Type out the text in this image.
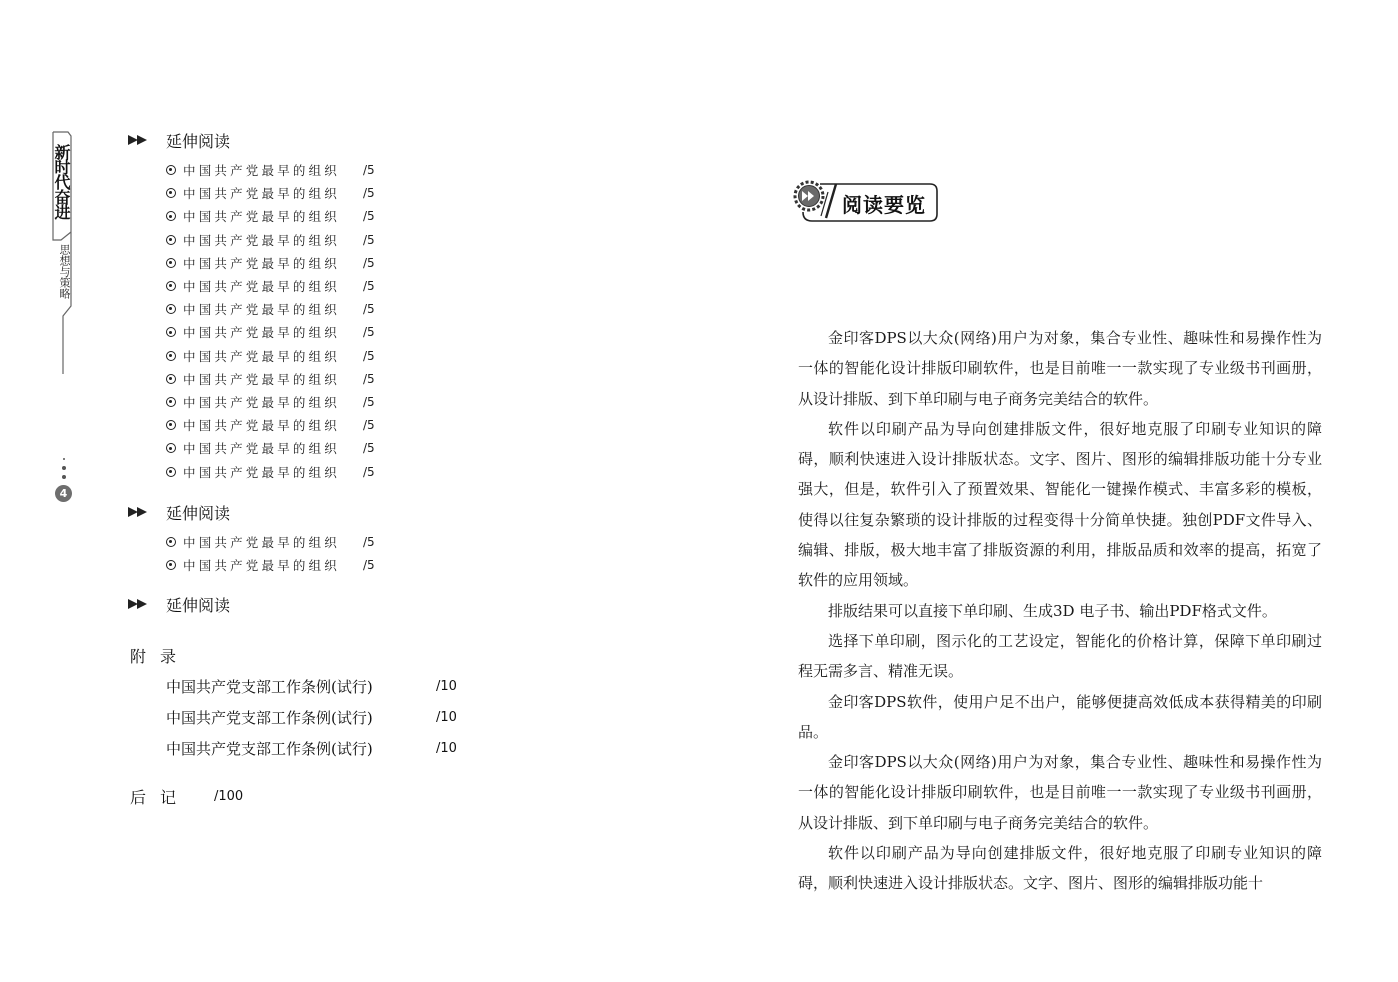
新时代奋进
思想与策略
4
延伸阅读
中国共产党最早的组织	/5
中国共产党最早的组织	/5
中国共产党最早的组织	/5
中国共产党最早的组织	/5
中国共产党最早的组织	/5
中国共产党最早的组织	/5
中国共产党最早的组织	/5
中国共产党最早的组织	/5
中国共产党最早的组织	/5
中国共产党最早的组织	/5
中国共产党最早的组织	/5
中国共产党最早的组织	/5
中国共产党最早的组织	/5
中国共产党最早的组织	/5
延伸阅读
中国共产党最早的组织	/5
中国共产党最早的组织	/5
延伸阅读
附录
中国共产党支部工作条例(试行)	/10
中国共产党支部工作条例(试行)	/10
中国共产党支部工作条例(试行)	/10
后记	/100
阅读要览

金印客DPS以大众(网络)用户为对象，集合专业性、趣味性和易操作性为一体的智能化设计排版印刷软件，也是目前唯一一款实现了专业级书刊画册，从设计排版、到下单印刷与电子商务完美结合的软件。

软件以印刷产品为导向创建排版文件，很好地克服了印刷专业知识的障碍，顺利快速进入设计排版状态。文字、图片、图形的编辑排版功能十分专业强大，但是，软件引入了预置效果、智能化一键操作模式、丰富多彩的模板，使得以往复杂繁琐的设计排版的过程变得十分简单快捷。独创PDF文件导入、编辑、排版，极大地丰富了排版资源的利用，排版品质和效率的提高，拓宽了软件的应用领域。

排版结果可以直接下单印刷、生成3D 电子书、输出PDF格式文件。

选择下单印刷，图示化的工艺设定，智能化的价格计算，保障下单印刷过程无需多言、精准无误。

金印客DPS软件，使用户足不出户，能够便捷高效低成本获得精美的印刷品。

金印客DPS以大众(网络)用户为对象，集合专业性、趣味性和易操作性为一体的智能化设计排版印刷软件，也是目前唯一一款实现了专业级书刊画册，从设计排版、到下单印刷与电子商务完美结合的软件。

软件以印刷产品为导向创建排版文件，很好地克服了印刷专业知识的障碍，顺利快速进入设计排版状态。文字、图片、图形的编辑排版功能十
